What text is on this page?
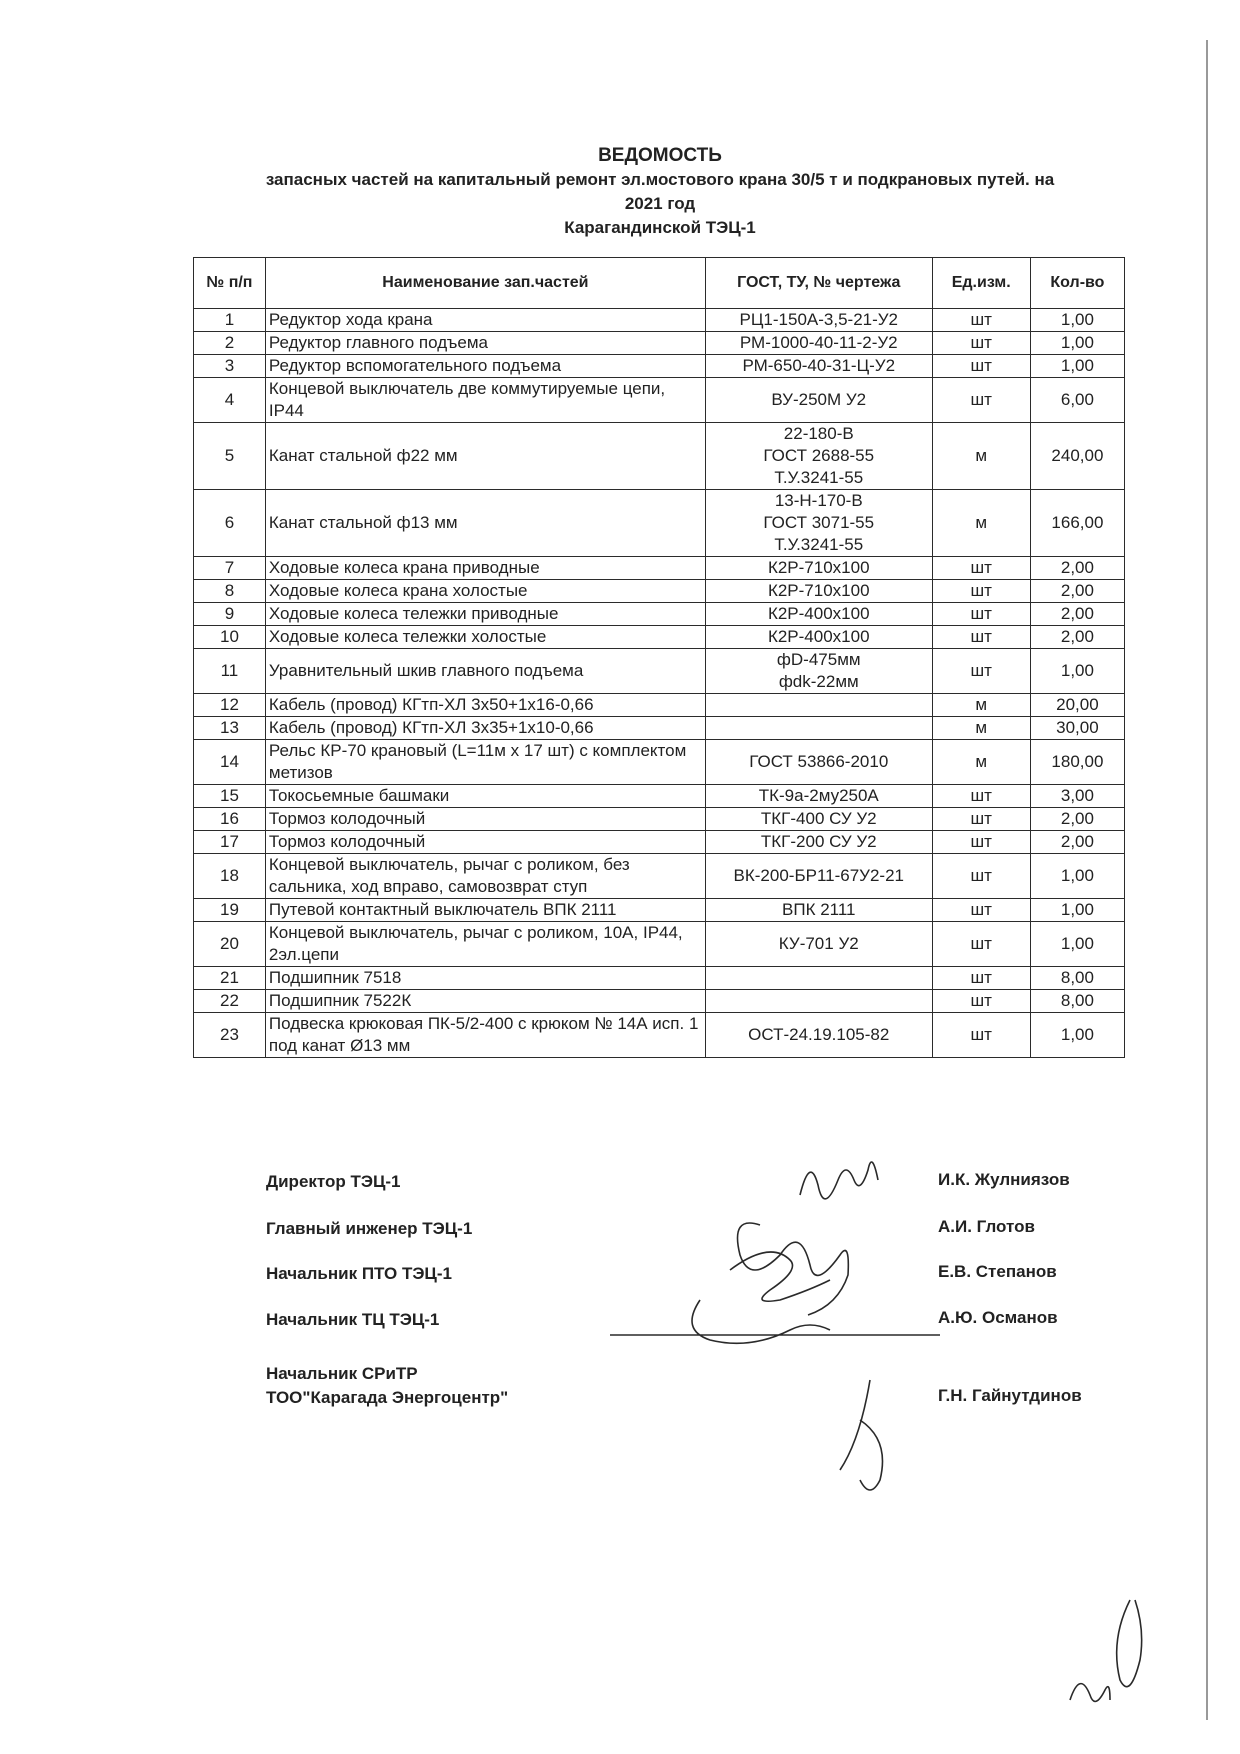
ВЕДОМОСТЬ
запасных частей на капитальный ремонт эл.мостового крана 30/5 т и подкрановых путей. на
2021 год
Карагандинской ТЭЦ-1
№ п/п	Наименование зап.частей	ГОСТ, ТУ, № чертежа	Ед.изм.	Кол-во
1	Редуктор хода крана	РЦ1-150А-3,5-21-У2	шт	1,00
2	Редуктор главного подъема	РМ-1000-40-11-2-У2	шт	1,00
3	Редуктор вспомогательного подъема	РМ-650-40-31-Ц-У2	шт	1,00
4	Концевой выключатель две коммутируемые цепи, IP44	ВУ-250М У2	шт	6,00
5	Канат стальной ф22 мм	22-180-В
ГОСТ 2688-55
Т.У.3241-55	м	240,00
6	Канат стальной ф13 мм	13-Н-170-В
ГОСТ 3071-55
Т.У.3241-55	м	166,00
7	Ходовые колеса крана приводные	К2Р-710х100	шт	2,00
8	Ходовые колеса крана холостые	К2Р-710х100	шт	2,00
9	Ходовые колеса тележки приводные	К2Р-400х100	шт	2,00
10	Ходовые колеса тележки холостые	К2Р-400х100	шт	2,00
11	Уравнительный шкив главного подъема	фD-475мм
фdk-22мм	шт	1,00
12	Кабель (провод) КГтп-ХЛ 3х50+1х16-0,66		м	20,00
13	Кабель (провод) КГтп-ХЛ 3х35+1х10-0,66		м	30,00
14	Рельс КР-70 крановый (L=11м х 17 шт) с комплектом метизов	ГОСТ 53866-2010	м	180,00
15	Токосьемные башмаки	ТК-9а-2му250А	шт	3,00
16	Тормоз колодочный	ТКГ-400 СУ У2	шт	2,00
17	Тормоз колодочный	ТКГ-200 СУ У2	шт	2,00
18	Концевой выключатель, рычаг с роликом, без сальника, ход вправо, самовозврат ступ	ВК-200-БР11-67У2-21	шт	1,00
19	Путевой контактный выключатель ВПК 2111	ВПК 2111	шт	1,00
20	Концевой выключатель, рычаг с роликом, 10А, IP44, 2эл.цепи	КУ-701 У2	шт	1,00
21	Подшипник 7518		шт	8,00
22	Подшипник 7522К		шт	8,00
23	Подвеска крюковая ПК-5/2-400 с крюком № 14А исп. 1 под канат Ø13 мм	ОСТ-24.19.105-82	шт	1,00
Директор ТЭЦ-1	И.К. Жулниязов
Главный инженер ТЭЦ-1	А.И. Глотов
Начальник ПТО ТЭЦ-1	Е.В. Степанов
Начальник ТЦ ТЭЦ-1	А.Ю. Османов
Начальник СРиТР
ТОО"Карагада Энергоцентр"	Г.Н. Гайнутдинов
